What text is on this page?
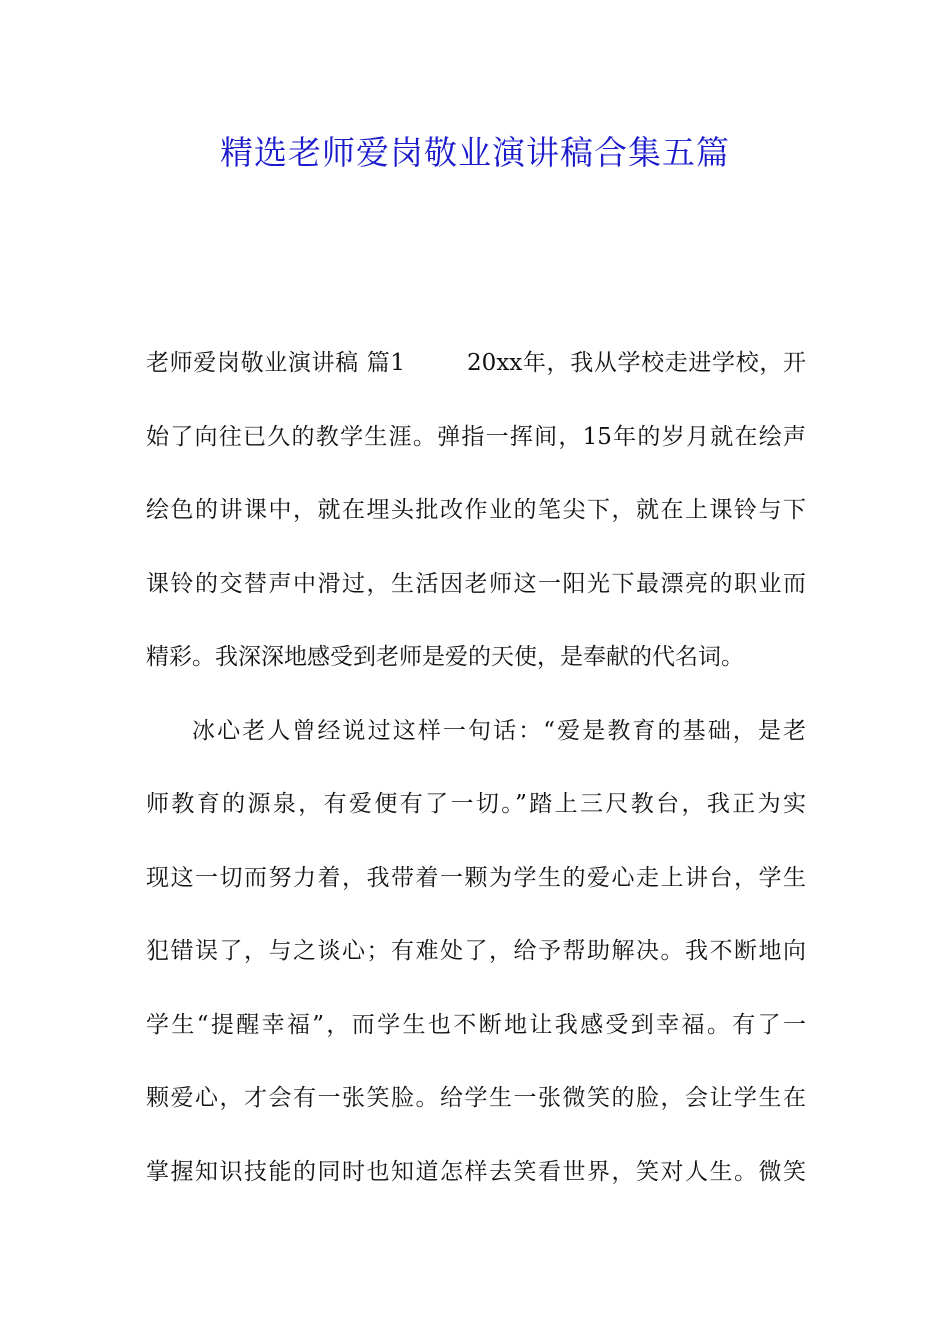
精选老师爱岗敬业演讲稿合集五篇
老师爱岗敬业演讲稿 篇1	20xx年，我从学校走进学校，开
始了向往已久的教学生涯。弹指一挥间，15年的岁月就在绘声
绘色的讲课中，就在埋头批改作业的笔尖下，就在上课铃与下
课铃的交替声中滑过，生活因老师这一阳光下最漂亮的职业而
精彩。我深深地感受到老师是爱的天使，是奉献的代名词。
冰心老人曾经说过这样一句话：“爱是教育的基础，是老
师教育的源泉，有爱便有了一切。”踏上三尺教台，我正为实
现这一切而努力着，我带着一颗为学生的爱心走上讲台，学生
犯错误了，与之谈心；有难处了，给予帮助解决。我不断地向
学生“提醒幸福”，而学生也不断地让我感受到幸福。有了一
颗爱心，才会有一张笑脸。给学生一张微笑的脸，会让学生在
掌握知识技能的同时也知道怎样去笑看世界，笑对人生。微笑
